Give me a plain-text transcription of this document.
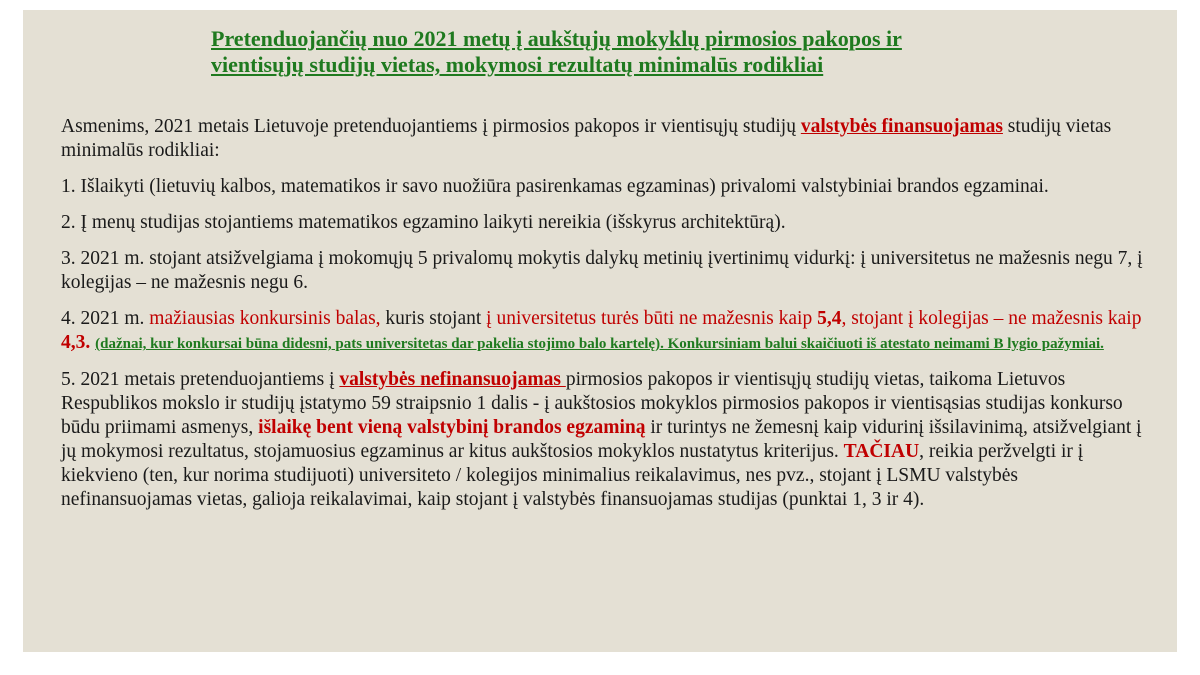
Pretenduojančių nuo 2021 metų į aukštųjų mokyklų pirmosios pakopos ir
vientisųjų studijų vietas, mokymosi rezultatų minimalūs rodikliai

Asmenims, 2021 metais Lietuvoje pretenduojantiems į pirmosios pakopos ir vientisųjų studijų valstybės finansuojamas studijų vietas minimalūs rodikliai:

1. Išlaikyti (lietuvių kalbos, matematikos ir savo nuožiūra pasirenkamas egzaminas) privalomi valstybiniai brandos egzaminai.

2. Į menų studijas stojantiems matematikos egzamino laikyti nereikia (išskyrus architektūrą).

3. 2021 m. stojant atsižvelgiama į mokomųjų 5 privalomų mokytis dalykų metinių įvertinimų vidurkį: į universitetus ne mažesnis negu 7, į kolegijas – ne mažesnis negu 6.

4. 2021 m. mažiausias konkursinis balas, kuris stojant į universitetus turės būti ne mažesnis kaip 5,4, stojant į kolegijas – ne mažesnis kaip 4,3. (dažnai, kur konkursai būna didesni, pats universitetas dar pakelia stojimo balo kartelę). Konkursiniam balui skaičiuoti iš atestato neimami B lygio pažymiai.

5. 2021 metais pretenduojantiems į valstybės nefinansuojamas pirmosios pakopos ir vientisųjų studijų vietas, taikoma Lietuvos Respublikos mokslo ir studijų įstatymo 59 straipsnio 1 dalis - į aukštosios mokyklos pirmosios pakopos ir vientisąsias studijas konkurso būdu priimami asmenys, išlaikę bent vieną valstybinį brandos egzaminą ir turintys ne žemesnį kaip vidurinį išsilavinimą, atsižvelgiant į jų mokymosi rezultatus, stojamuosius egzaminus ar kitus aukštosios mokyklos nustatytus kriterijus. TAČIAU, reikia peržvelgti ir į kiekvieno (ten, kur norima studijuoti) universiteto / kolegijos minimalius reikalavimus, nes pvz., stojant į LSMU valstybės nefinansuojamas vietas, galioja reikalavimai, kaip stojant į valstybės finansuojamas studijas (punktai 1, 3 ir 4).
